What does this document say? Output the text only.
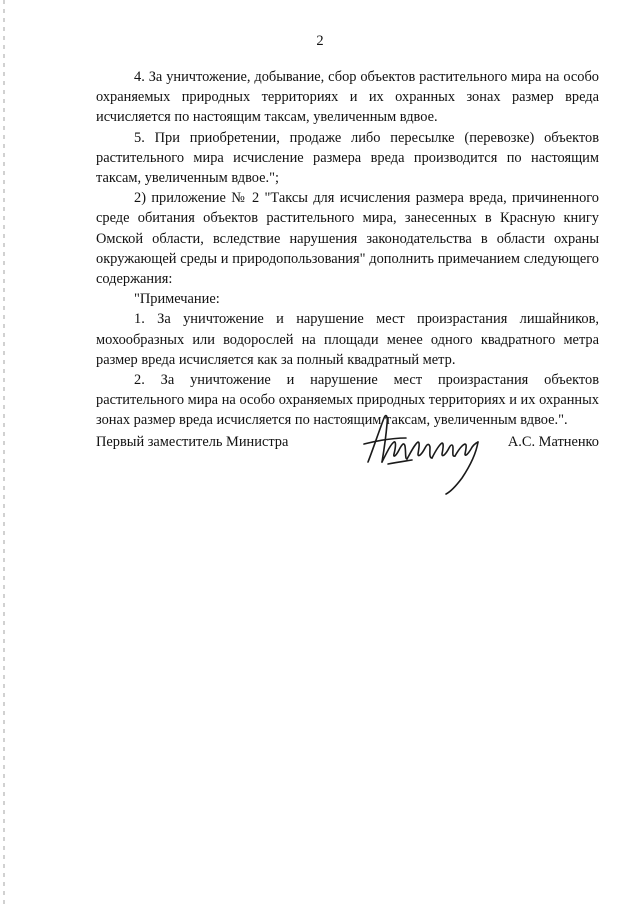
2

4. За уничтожение, добывание, сбор объектов растительного мира на особо охраняемых природных территориях и их охранных зонах размер вреда исчисляется по настоящим таксам, увеличенным вдвое.

5. При приобретении, продаже либо пересылке (перевозке) объектов растительного мира исчисление размера вреда производится по настоящим таксам, увеличенным вдвое.";

2) приложение № 2 "Таксы для исчисления размера вреда, причиненного среде обитания объектов растительного мира, занесенных в Красную книгу Омской области, вследствие нарушения законодательства в области охраны окружающей среды и природопользования" дополнить примечанием следующего содержания:

"Примечание:

1. За уничтожение и нарушение мест произрастания лишайников, мохообразных или водорослей на площади менее одного квадратного метра размер вреда исчисляется как за полный квадратный метр.

2. За уничтожение и нарушение мест произрастания объектов растительного мира на особо охраняемых природных территориях и их охранных зонах размер вреда исчисляется по настоящим таксам, увеличенным вдвое.".

Первый заместитель Министра	А.С. Матненко
